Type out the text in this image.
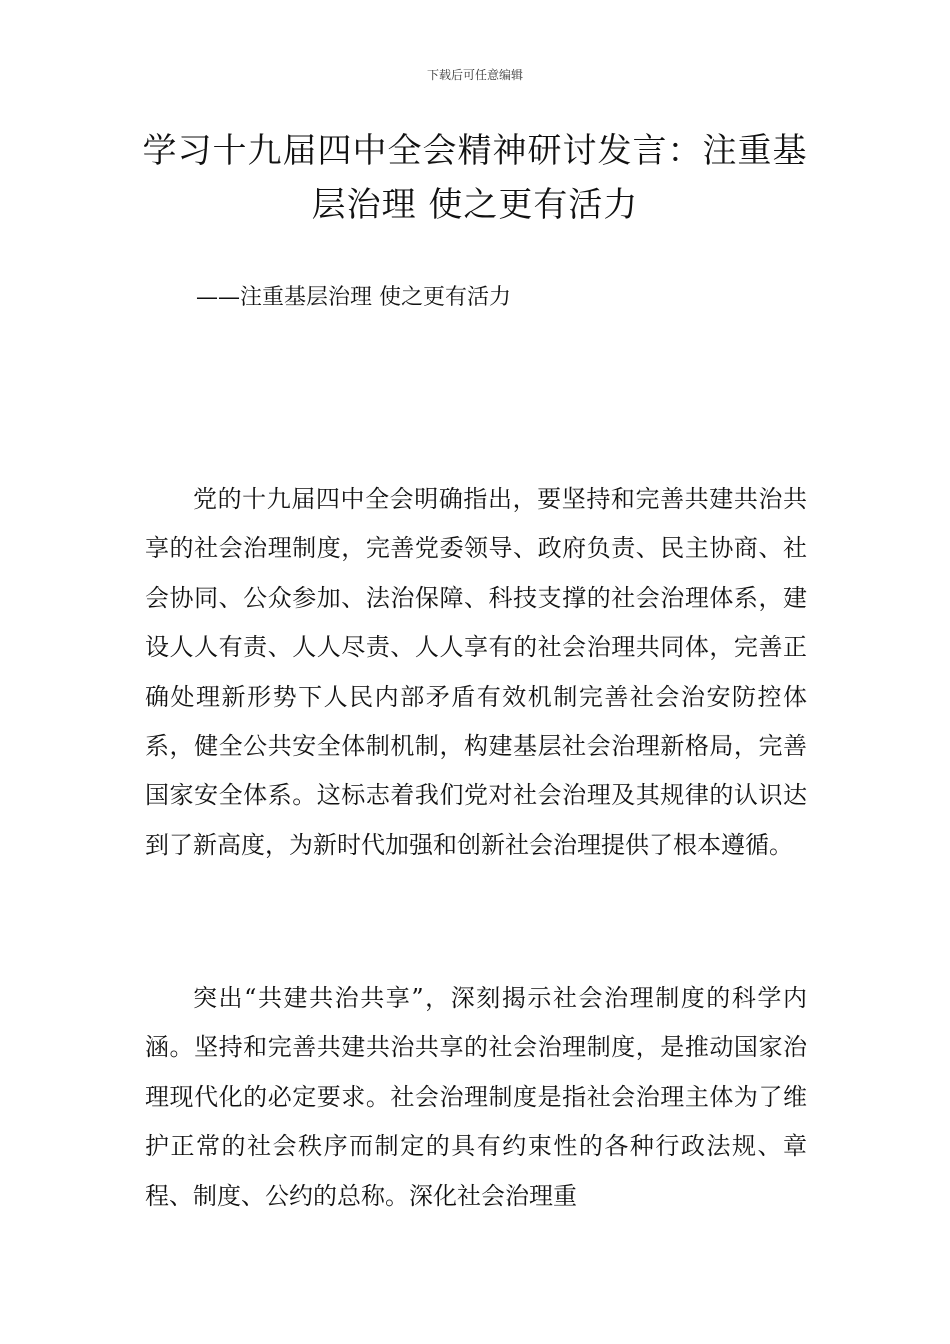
下载后可任意编辑
学习十九届四中全会精神研讨发言：注重基层治理 使之更有活力
——注重基层治理 使之更有活力

党的十九届四中全会明确指出，要坚持和完善共建共治共享的社会治理制度，完善党委领导、政府负责、民主协商、社会协同、公众参加、法治保障、科技支撑的社会治理体系，建设人人有责、人人尽责、人人享有的社会治理共同体，完善正确处理新形势下人民内部矛盾有效机制完善社会治安防控体系，健全公共安全体制机制，构建基层社会治理新格局，完善国家安全体系。这标志着我们党对社会治理及其规律的认识达到了新高度，为新时代加强和创新社会治理提供了根本遵循。

突出“共建共治共享”，深刻揭示社会治理制度的科学内涵。坚持和完善共建共治共享的社会治理制度，是推动国家治理现代化的必定要求。社会治理制度是指社会治理主体为了维护正常的社会秩序而制定的具有约束性的各种行政法规、章程、制度、公约的总称。深化社会治理重
